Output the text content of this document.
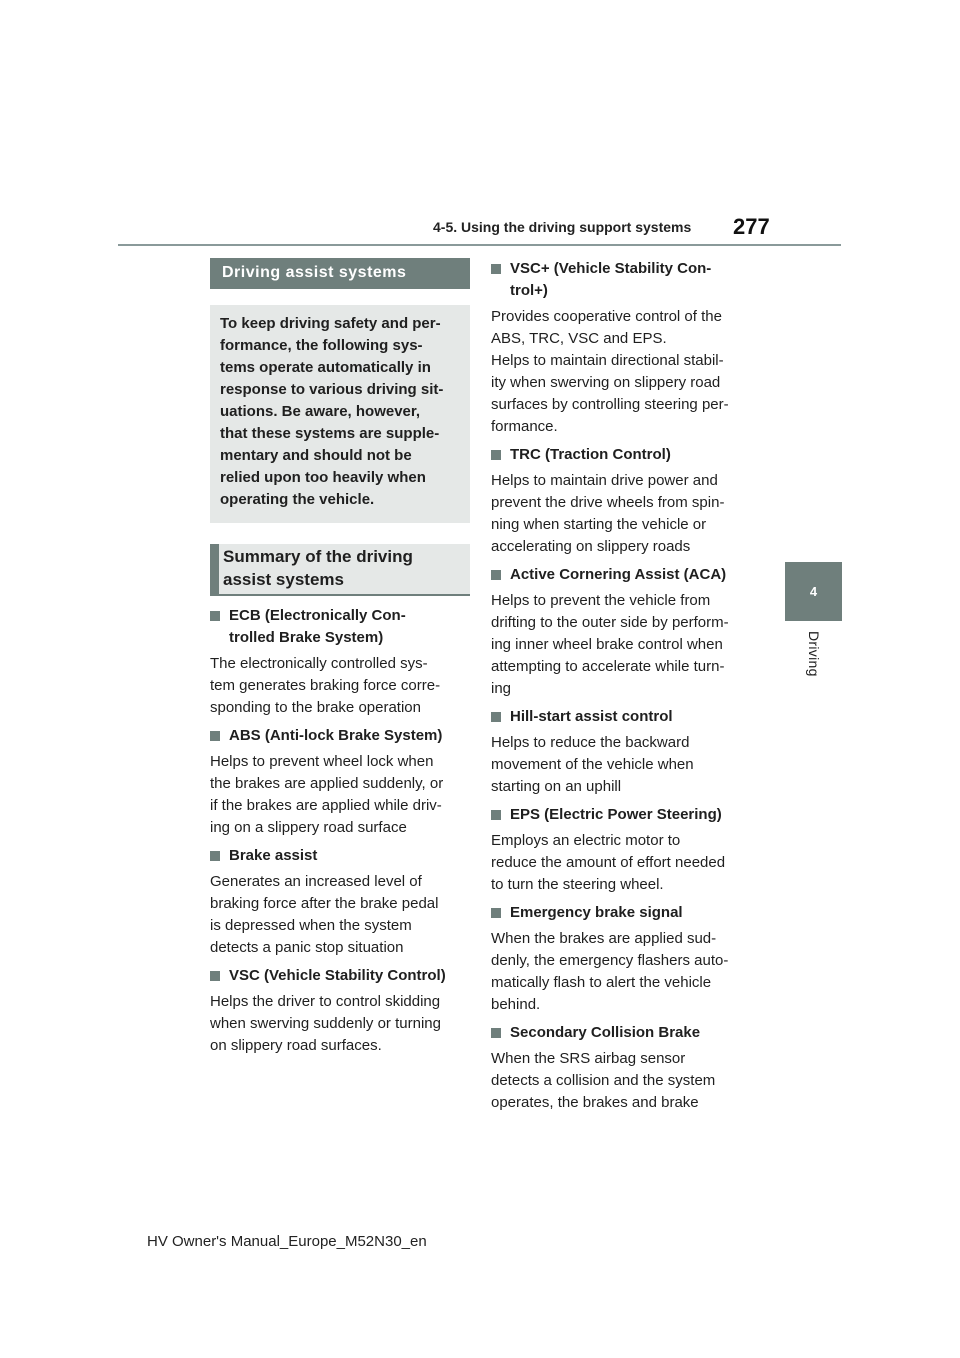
4-5. Using the driving support systems 277
4
Driving
Driving assist systems
To keep driving safety and per-
formance, the following sys-
tems operate automatically in
response to various driving sit-
uations. Be aware, however,
that these systems are supple-
mentary and should not be
relied upon too heavily when
operating the vehicle.
Summary of the driving
assist systems
ECB (Electronically Con-
trolled Brake System)
The electronically controlled sys-
tem generates braking force corre-
sponding to the brake operation
ABS (Anti-lock Brake System)
Helps to prevent wheel lock when
the brakes are applied suddenly, or
if the brakes are applied while driv-
ing on a slippery road surface
Brake assist
Generates an increased level of
braking force after the brake pedal
is depressed when the system
detects a panic stop situation
VSC (Vehicle Stability Control)
Helps the driver to control skidding
when swerving suddenly or turning
on slippery road surfaces.
VSC+ (Vehicle Stability Con-
trol+)
Provides cooperative control of the
ABS, TRC, VSC and EPS.
Helps to maintain directional stabil-
ity when swerving on slippery road
surfaces by controlling steering per-
formance.
TRC (Traction Control)
Helps to maintain drive power and
prevent the drive wheels from spin-
ning when starting the vehicle or
accelerating on slippery roads
Active Cornering Assist (ACA)
Helps to prevent the vehicle from
drifting to the outer side by perform-
ing inner wheel brake control when
attempting to accelerate while turn-
ing
Hill-start assist control
Helps to reduce the backward
movement of the vehicle when
starting on an uphill
EPS (Electric Power Steering)
Employs an electric motor to
reduce the amount of effort needed
to turn the steering wheel.
Emergency brake signal
When the brakes are applied sud-
denly, the emergency flashers auto-
matically flash to alert the vehicle
behind.
Secondary Collision Brake
When the SRS airbag sensor
detects a collision and the system
operates, the brakes and brake
HV Owner's Manual_Europe_M52N30_en
